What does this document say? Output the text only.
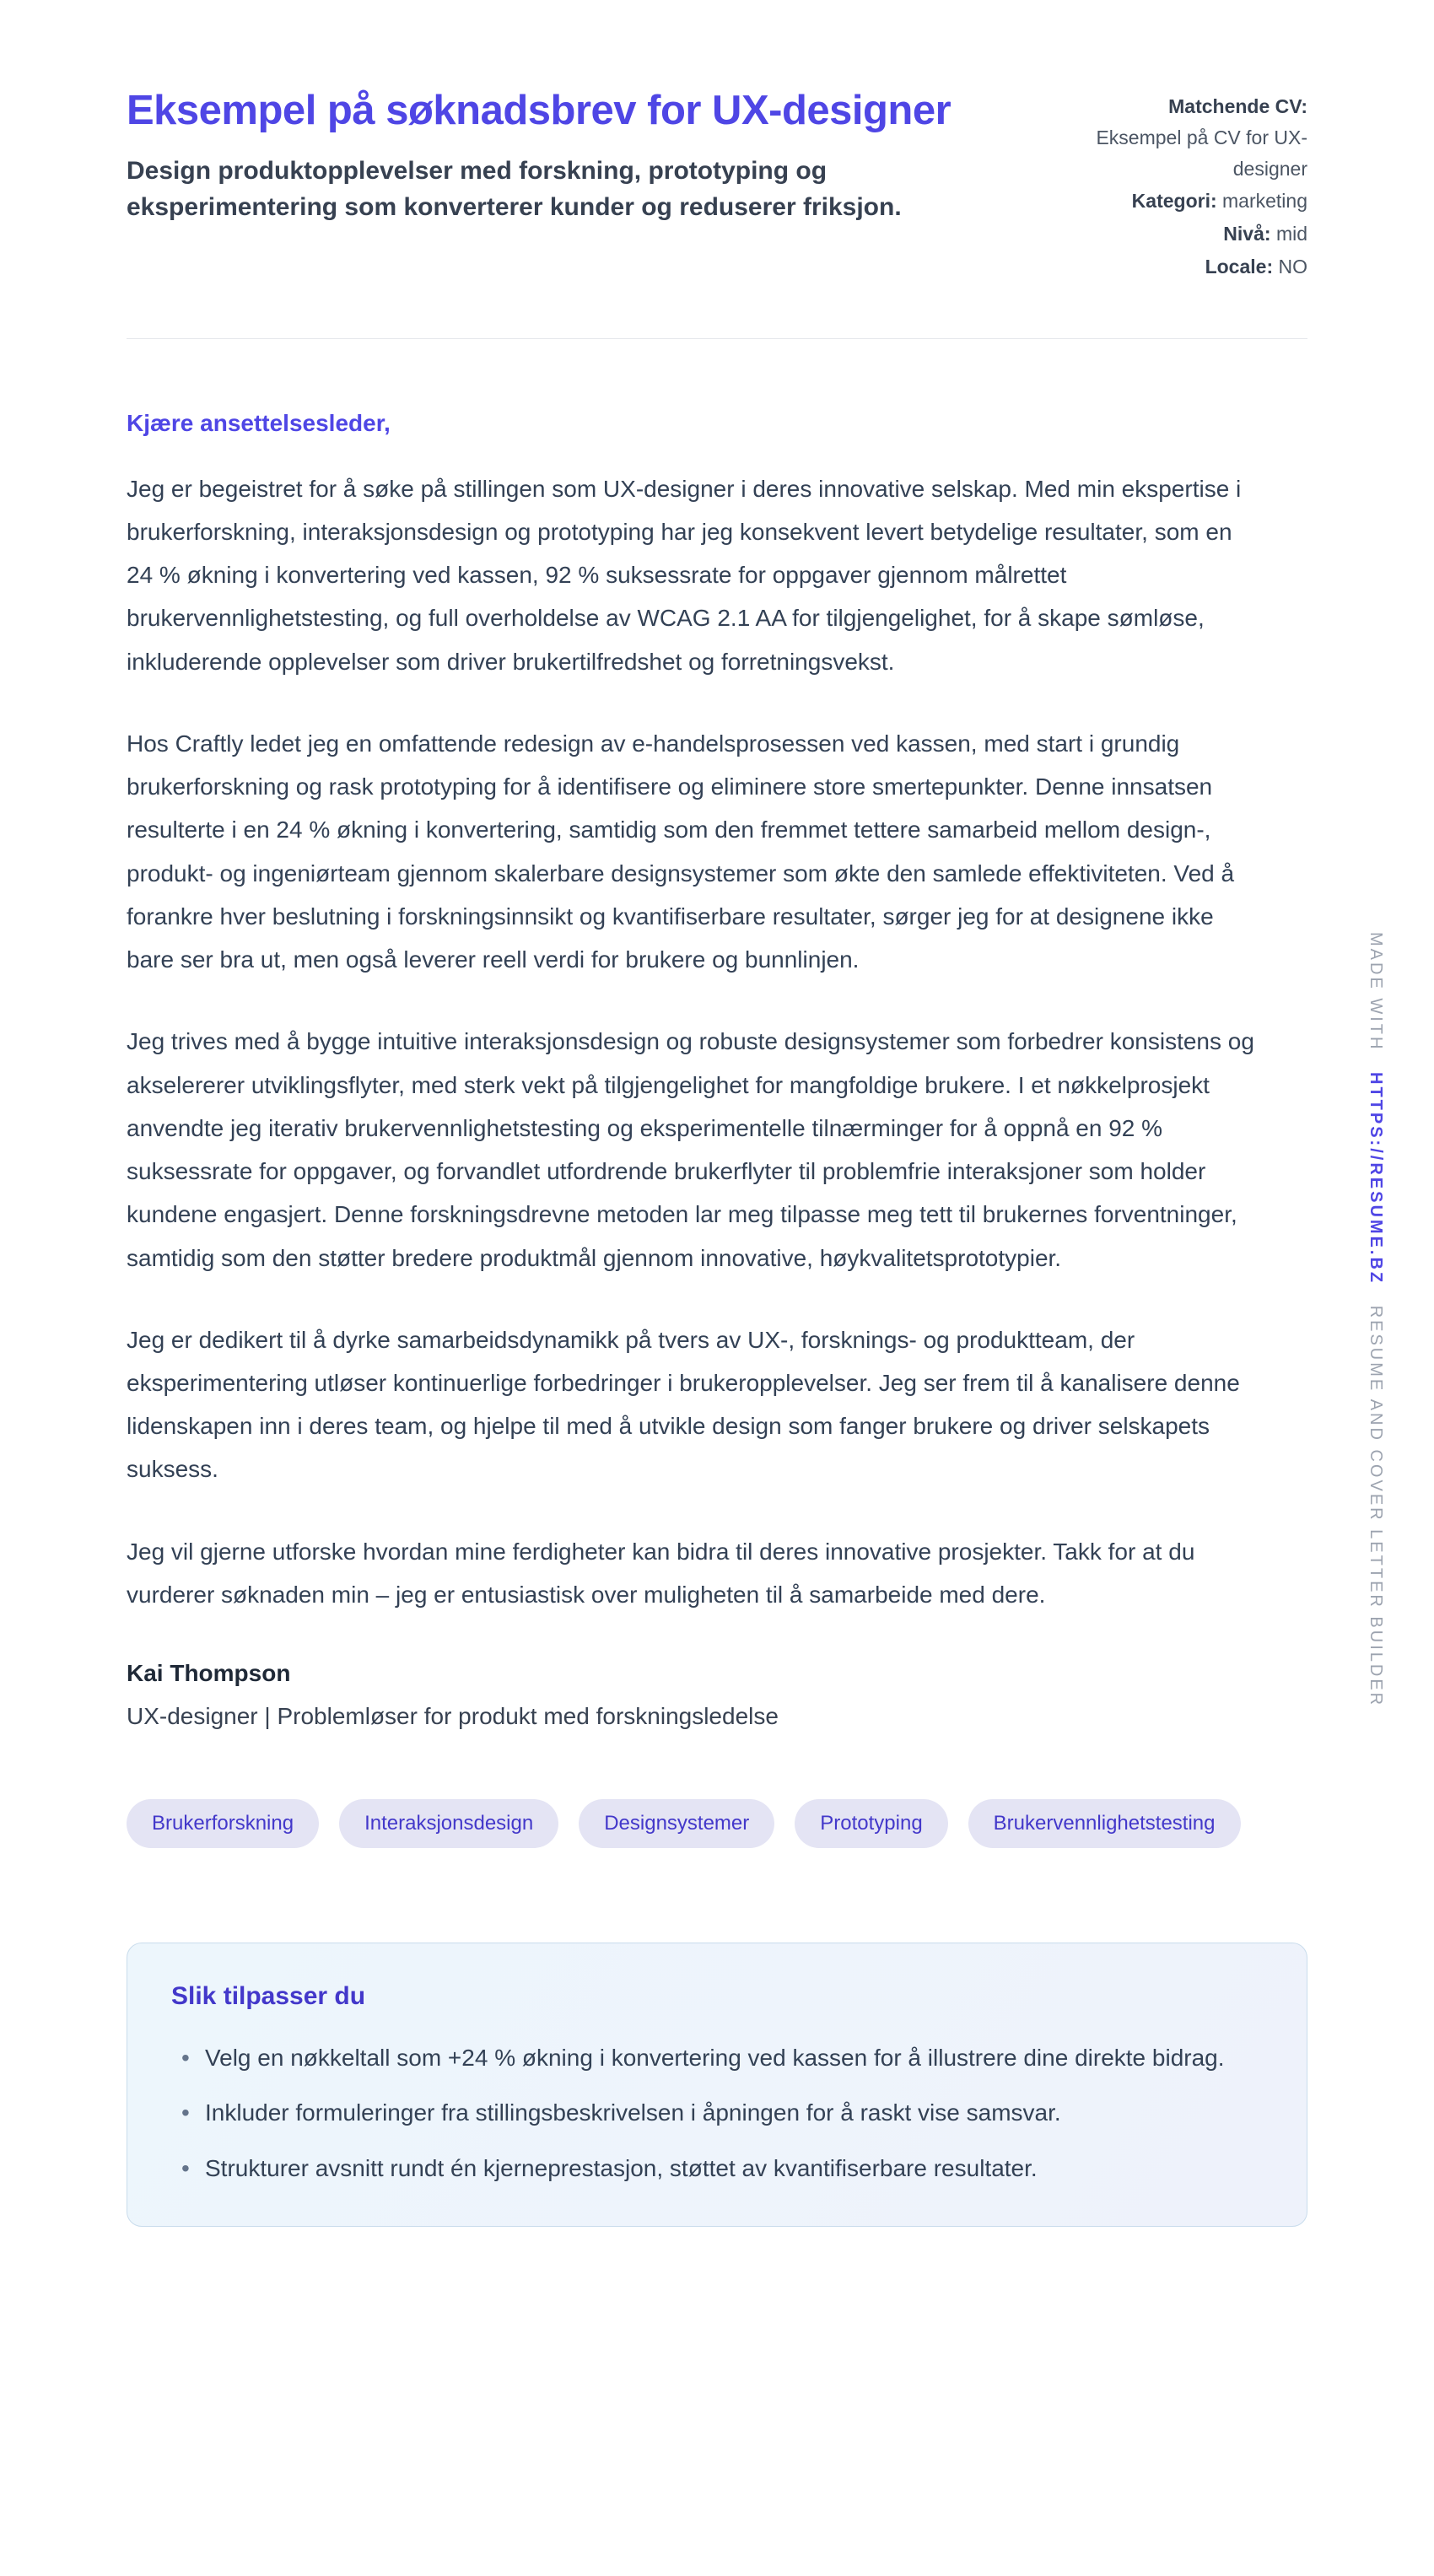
Eksempel på søknadsbrev for UX-designer

Design produktopplevelser med forskning, prototyping og eksperimentering som konverterer kunder og reduserer friksjon.

Matchende CV:
Eksempel på CV for UX-designer
Kategori: marketing
Nivå: mid
Locale: NO

Kjære ansettelsesleder,

Jeg er begeistret for å søke på stillingen som UX-designer i deres innovative selskap. Med min ekspertise i brukerforskning, interaksjonsdesign og prototyping har jeg konsekvent levert betydelige resultater, som en 24 % økning i konvertering ved kassen, 92 % suksessrate for oppgaver gjennom målrettet brukervennlighetstesting, og full overholdelse av WCAG 2.1 AA for tilgjengelighet, for å skape sømløse, inkluderende opplevelser som driver brukertilfredshet og forretningsvekst.

Hos Craftly ledet jeg en omfattende redesign av e-handelsprosessen ved kassen, med start i grundig brukerforskning og rask prototyping for å identifisere og eliminere store smertepunkter. Denne innsatsen resulterte i en 24 % økning i konvertering, samtidig som den fremmet tettere samarbeid mellom design-, produkt- og ingeniørteam gjennom skalerbare designsystemer som økte den samlede effektiviteten. Ved å forankre hver beslutning i forskningsinnsikt og kvantifiserbare resultater, sørger jeg for at designene ikke bare ser bra ut, men også leverer reell verdi for brukere og bunnlinjen.

Jeg trives med å bygge intuitive interaksjonsdesign og robuste designsystemer som forbedrer konsistens og akselererer utviklingsflyter, med sterk vekt på tilgjengelighet for mangfoldige brukere. I et nøkkelprosjekt anvendte jeg iterativ brukervennlighetstesting og eksperimentelle tilnærminger for å oppnå en 92 % suksessrate for oppgaver, og forvandlet utfordrende brukerflyter til problemfrie interaksjoner som holder kundene engasjert. Denne forskningsdrevne metoden lar meg tilpasse meg tett til brukernes forventninger, samtidig som den støtter bredere produktmål gjennom innovative, høykvalitetsprototypier.

Jeg er dedikert til å dyrke samarbeidsdynamikk på tvers av UX-, forsknings- og produktteam, der eksperimentering utløser kontinuerlige forbedringer i brukeropplevelser. Jeg ser frem til å kanalisere denne lidenskapen inn i deres team, og hjelpe til med å utvikle design som fanger brukere og driver selskapets suksess.

Jeg vil gjerne utforske hvordan mine ferdigheter kan bidra til deres innovative prosjekter. Takk for at du vurderer søknaden min – jeg er entusiastisk over muligheten til å samarbeide med dere.

Kai Thompson

UX-designer | Problemløser for produkt med forskningsledelse

Brukerforskning	Interaksjonsdesign	Designsystemer	Prototyping	Brukervennlighetstesting
Slik tilpasser du
• Velg en nøkkeltall som +24 % økning i konvertering ved kassen for å illustrere dine direkte bidrag.
• Inkluder formuleringer fra stillingsbeskrivelsen i åpningen for å raskt vise samsvar.
• Strukturer avsnitt rundt én kjerneprestasjon, støttet av kvantifiserbare resultater.
MADE WITH HTTPS://RESUME.BZ RESUME AND COVER LETTER BUILDER
